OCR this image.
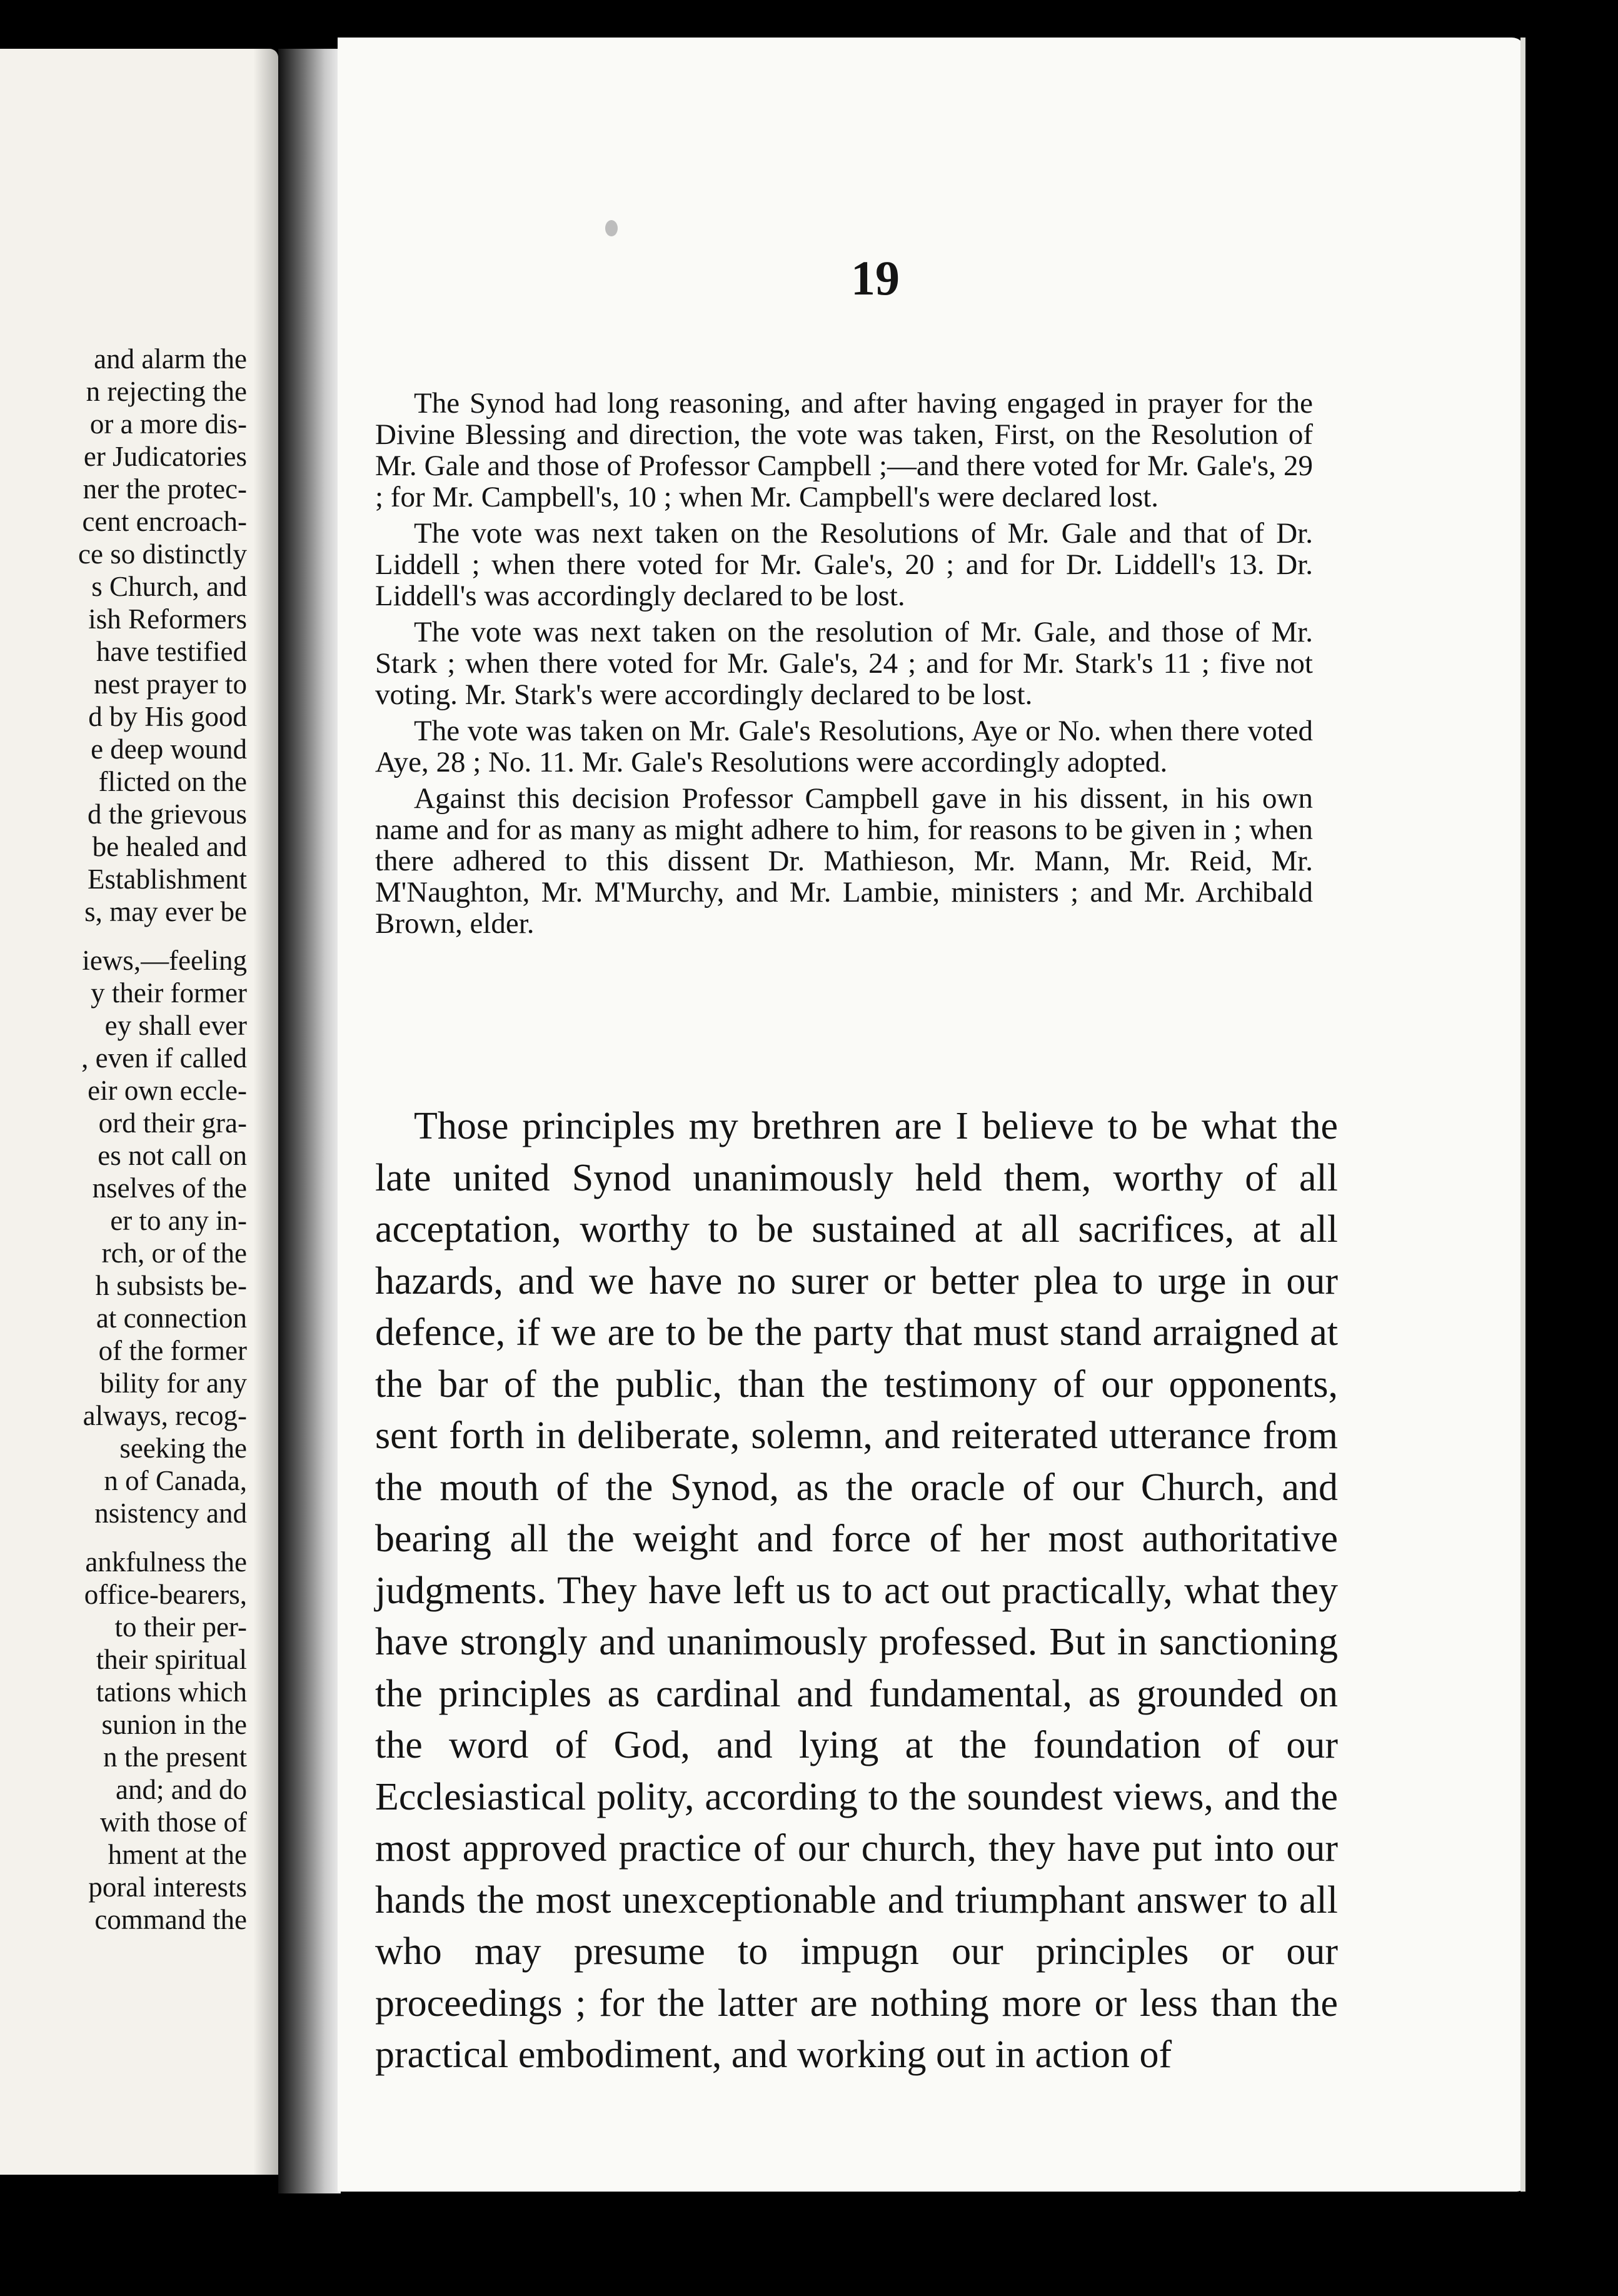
and alarm the
n rejecting the
or a more dis-
er Judicatories
ner the protec-
cent encroach-
ce so distinctly
s Church, and
ish Reformers
have testified
nest prayer to
d by His good
e deep wound
flicted on the
d the grievous
be healed and
Establishment
s, may ever be
iews,—feeling
y their former
ey shall ever
, even if called
eir own eccle-
ord their gra-
es not call on
nselves of the
er to any in-
rch, or of the
h subsists be-
at connection
of the former
bility for any
always, recog-
seeking the
n of Canada,
nsistency and
ankfulness the
office-bearers,
to their per-
their spiritual
tations which
sunion in the
n the present
and; and do
with those of
hment at the
poral interests
command the
19

The Synod had long reasoning, and after having engaged in prayer for the Divine Blessing and direction, the vote was taken, First, on the Resolution of Mr. Gale and those of Professor Campbell ;—and there voted for Mr. Gale's, 29 ; for Mr. Campbell's, 10 ; when Mr. Campbell's were declared lost.

The vote was next taken on the Resolutions of Mr. Gale and that of Dr. Liddell ; when there voted for Mr. Gale's, 20 ; and for Dr. Liddell's 13. Dr. Liddell's was accordingly declared to be lost.

The vote was next taken on the resolution of Mr. Gale, and those of Mr. Stark ; when there voted for Mr. Gale's, 24 ; and for Mr. Stark's 11 ; five not voting. Mr. Stark's were accordingly declared to be lost.

The vote was taken on Mr. Gale's Resolutions, Aye or No. when there voted Aye, 28 ; No. 11. Mr. Gale's Resolutions were accordingly adopted.

Against this decision Professor Campbell gave in his dissent, in his own name and for as many as might adhere to him, for reasons to be given in ; when there adhered to this dissent Dr. Mathieson, Mr. Mann, Mr. Reid, Mr. M'Naughton, Mr. M'Murchy, and Mr. Lambie, ministers ; and Mr. Archibald Brown, elder.

Those principles my brethren are I believe to be what the late united Synod unanimously held them, worthy of all acceptation, worthy to be sustained at all sacrifices, at all hazards, and we have no surer or better plea to urge in our defence, if we are to be the party that must stand arraigned at the bar of the public, than the testimony of our opponents, sent forth in deliberate, solemn, and reiterated utterance from the mouth of the Synod, as the oracle of our Church, and bearing all the weight and force of her most authoritative judgments. They have left us to act out practically, what they have strongly and unanimously professed. But in sanctioning the principles as cardinal and fundamental, as grounded on the word of God, and lying at the foundation of our Ecclesiastical polity, according to the soundest views, and the most approved practice of our church, they have put into our hands the most unexceptionable and triumphant answer to all who may presume to impugn our principles or our proceedings ; for the latter are nothing more or less than the practical embodiment, and working out in action of
